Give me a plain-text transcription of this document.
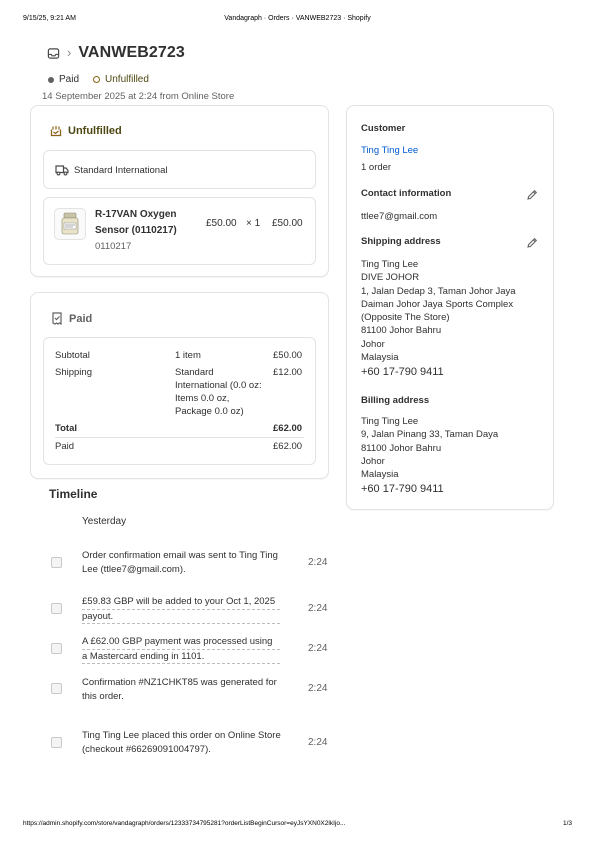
9/15/25, 9:21 AM	Vandagraph · Orders · VANWEB2723 · Shopify
› VANWEB2723
Paid	Unfulfilled
14 September 2025 at 2:24 from Online Store
Unfulfilled
Standard International
R-17VAN Oxygen
Sensor (0110217)
0110217
£50.00 × 1 £50.00
Paid
Subtotal	1 item	£50.00
Shipping	Standard
International (0.0 oz:
Items 0.0 oz,
Package 0.0 oz)
£12.00
Total	£62.00
Paid	£62.00
Timeline
Yesterday
Order confirmation email was sent to Ting Ting
Lee (ttlee7@gmail.com).
2:24
£59.83 GBP will be added to your Oct 1, 2025
payout.
2:24
A £62.00 GBP payment was processed using
a Mastercard ending in 1101.
2:24
Confirmation #NZ1CHKT85 was generated for
this order.
2:24
Ting Ting Lee placed this order on Online Store
(checkout #66269091004797).
2:24
Customer
Ting Ting Lee
1 order
Contact information
ttlee7@gmail.com
Shipping address
Ting Ting Lee
DIVE JOHOR
1, Jalan Dedap 3, Taman Johor Jaya
Daiman Johor Jaya Sports Complex
(Opposite The Store)
81100 Johor Bahru
Johor
Malaysia
+60 17-790 9411
Billing address
Ting Ting Lee
9, Jalan Pinang 33, Taman Daya
81100 Johor Bahru
Johor
Malaysia
+60 17-790 9411
https://admin.shopify.com/store/vandagraph/orders/12333734795281?orderListBeginCursor=eyJsYXN0X2lkIjo...	1/3
